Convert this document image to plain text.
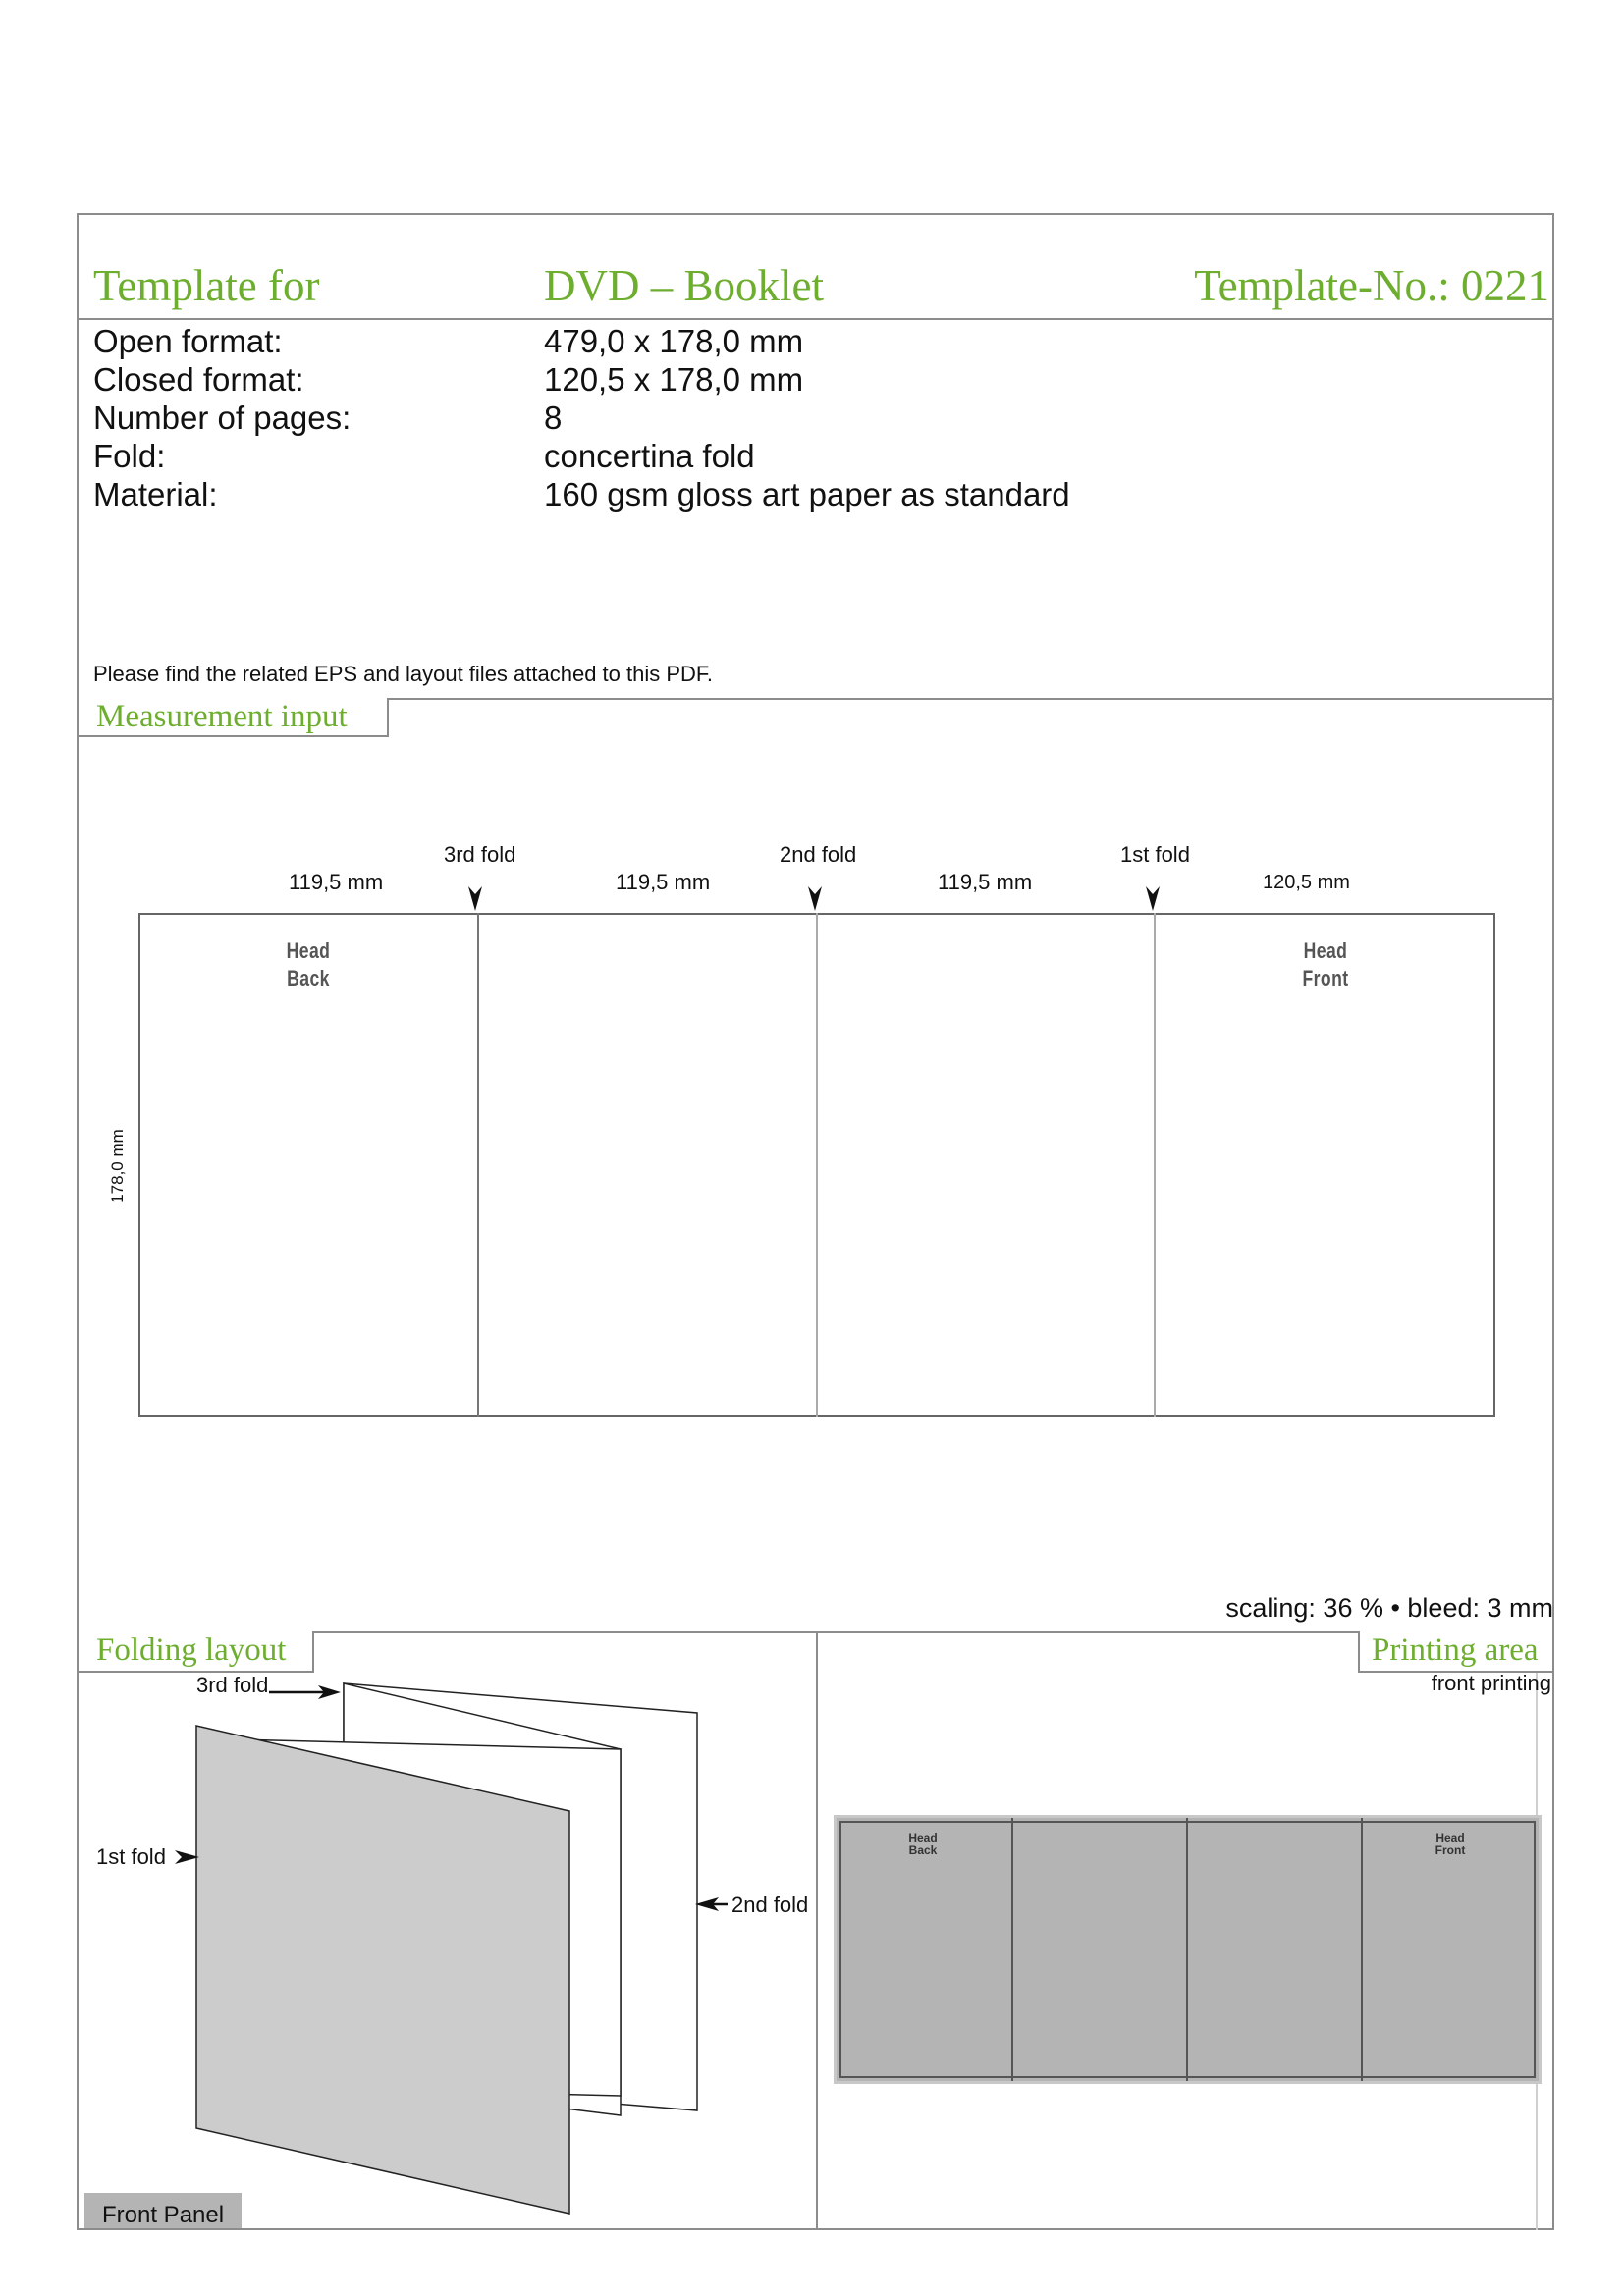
Template for	DVD – Booklet	Template-No.: 0221
Open format:	479,0 x 178,0 mm
Closed format:	120,5 x 178,0 mm
Number of pages:	8
Fold:	concertina fold
Material:	160 gsm gloss art paper as standard
Please find the related EPS and layout files attached to this PDF.
Measurement input
3rd fold	2nd fold	1st fold
119,5 mm	119,5 mm	119,5 mm	120,5 mm
Head
Back
Head
Front
178,0 mm
scaling: 36 % • bleed: 3 mm
Folding layout	Printing area
front printing
3rd fold
1st fold
2nd fold
Front Panel
Head
Back
Head
Front
